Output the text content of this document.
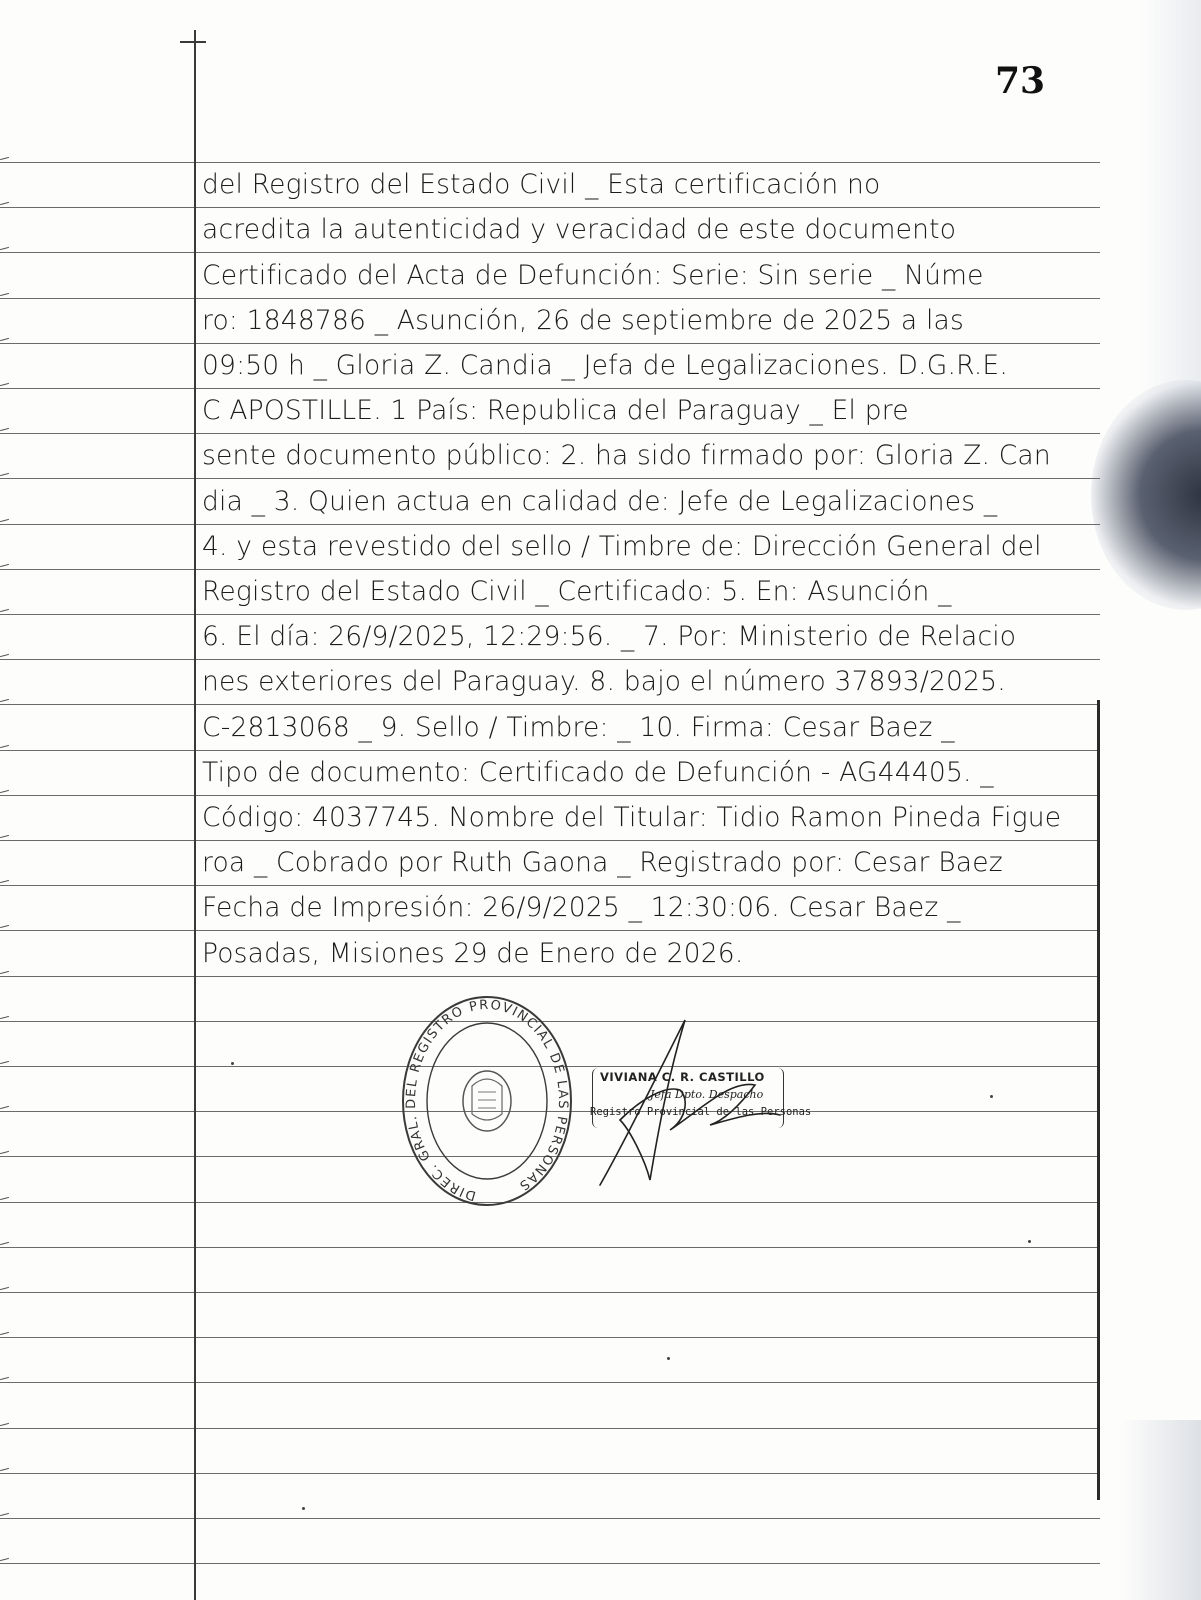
73
del Registro del Estado Civil _ Esta certificación no
acredita la autenticidad y veracidad de este documento
Certificado del Acta de Defunción: Serie: Sin serie _ Núme
ro: 1848786 _ Asunción, 26 de septiembre de 2025 a las
09:50 h _ Gloria Z. Candia _ Jefa de Legalizaciones. D.G.R.E.
C APOSTILLE. 1 País: Republica del Paraguay _ El pre
sente documento público: 2. ha sido firmado por: Gloria Z. Can
dia _ 3. Quien actua en calidad de: Jefe de Legalizaciones _
4. y esta revestido del sello / Timbre de: Dirección General del
Registro del Estado Civil _ Certificado: 5. En: Asunción _
6. El día: 26/9/2025, 12:29:56. _ 7. Por: Ministerio de Relacio
nes exteriores del Paraguay. 8. bajo el número 37893/2025.
C-2813068 _ 9. Sello / Timbre: _ 10. Firma: Cesar Baez _
Tipo de documento: Certificado de Defunción - AG44405. _
Código: 4037745. Nombre del Titular: Tidio Ramon Pineda Figue
roa _ Cobrado por Ruth Gaona _ Registrado por: Cesar Baez
Fecha de Impresión: 26/9/2025 _ 12:30:06. Cesar Baez _
Posadas, Misiones 29 de Enero de 2026.
DIREC. GRAL. DEL REGISTRO PROVINCIAL DE LAS PERSONAS
VIVIANA C. R. CASTILLO
Jefa Dpto. Despacho
Registro Provincial de las Personas
